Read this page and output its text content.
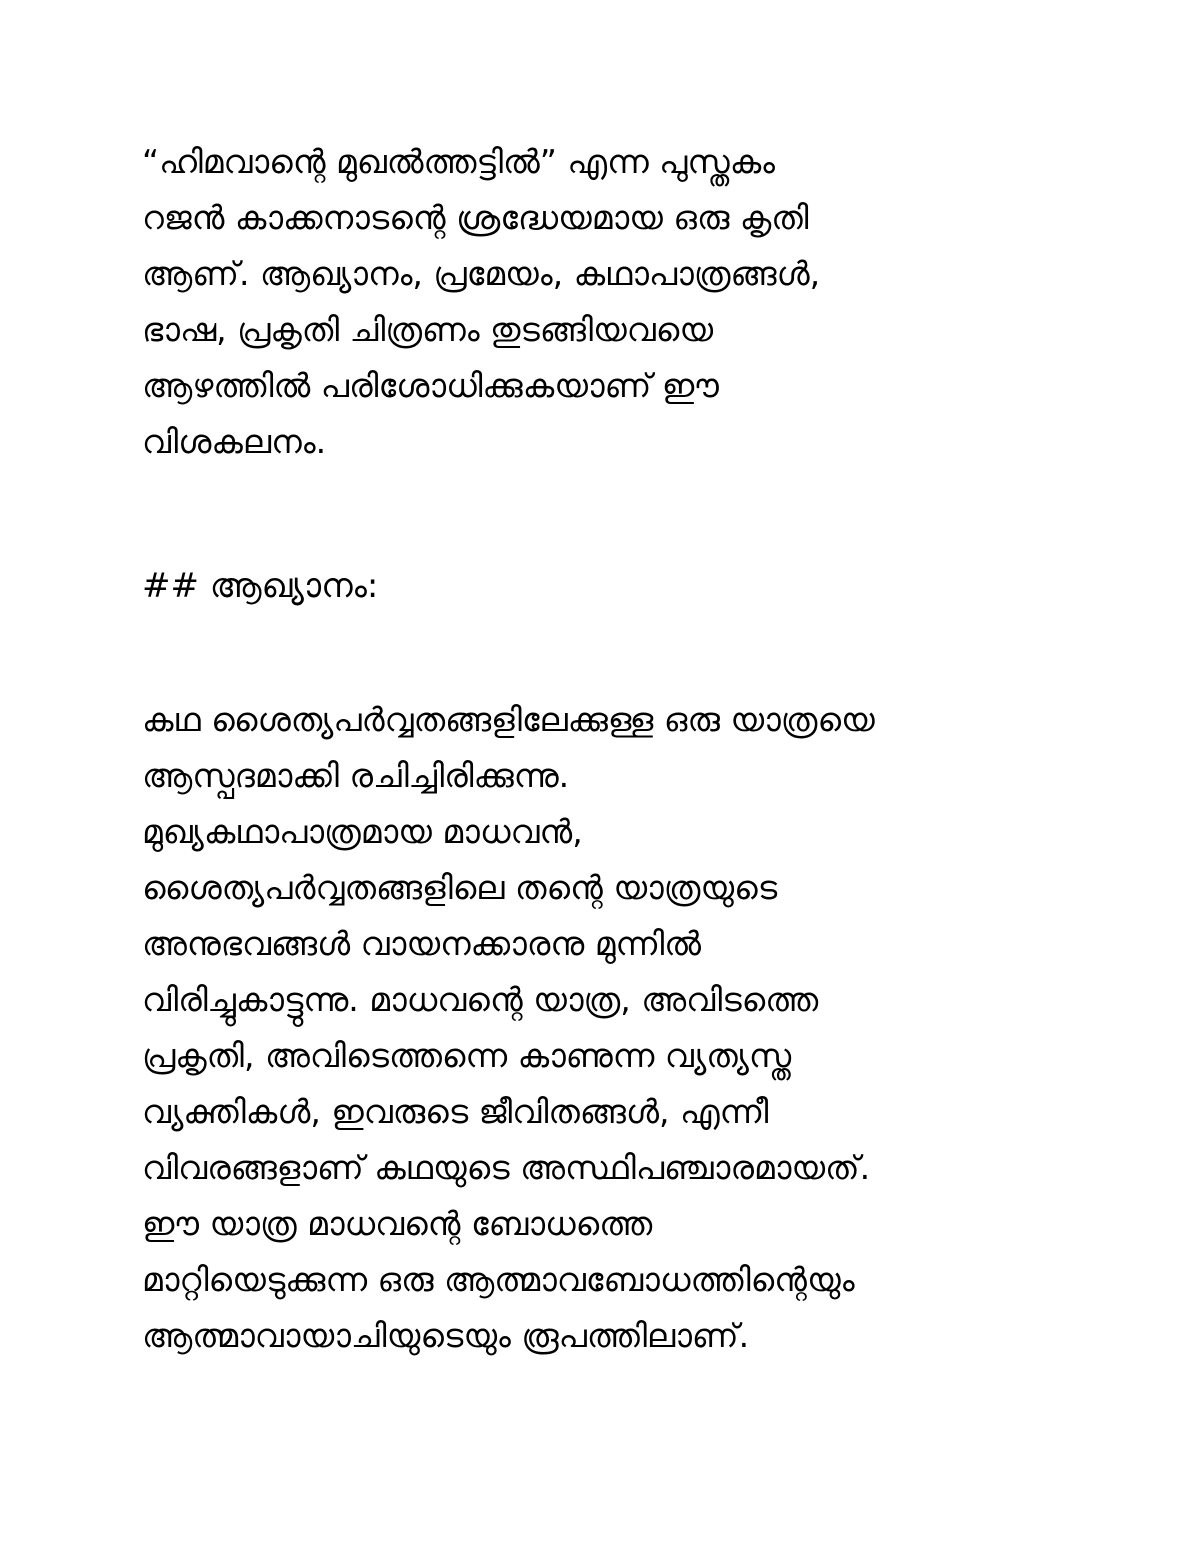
“ഹിമവാന്റെ മുഖൽത്തട്ടിൽ” എന്ന പുസ്തകം
റജൻ കാക്കനാടന്റെ ശ്രദ്ധേയമായ ഒരു കൃതി
ആണ്. ആഖ്യാനം, പ്രമേയം, കഥാപാത്രങ്ങൾ,
ഭാഷ, പ്രകൃതി ചിത്രണം തുടങ്ങിയവയെ
ആഴത്തിൽ പരിശോധിക്കുകയാണ് ഈ
വിശകലനം.

## ആഖ്യാനം:

കഥ ശൈത്യപർവ്വതങ്ങളിലേക്കുള്ള ഒരു യാത്രയെ
ആസ്പദമാക്കി രചിച്ചിരിക്കുന്നു.
മുഖ്യകഥാപാത്രമായ മാധവൻ,
ശൈത്യപർവ്വതങ്ങളിലെ തന്റെ യാത്രയുടെ
അനുഭവങ്ങൾ വായനക്കാരനു മുന്നിൽ
വിരിച്ചുകാട്ടുന്നു. മാധവന്റെ യാത്ര, അവിടത്തെ
പ്രകൃതി, അവിടെത്തന്നെ കാണുന്ന വ്യത്യസ്ത
വ്യക്തികൾ, ഇവരുടെ ജീവിതങ്ങൾ, എന്നീ
വിവരങ്ങളാണ് കഥയുടെ അസ്ഥിപഞ്ചാരമായത്.
ഈ യാത്ര മാധവന്റെ ബോധത്തെ
മാറ്റിയെടുക്കുന്ന ഒരു ആത്മാവബോധത്തിന്റെയും
ആത്മാവായാചിയുടെയും രൂപത്തിലാണ്.
